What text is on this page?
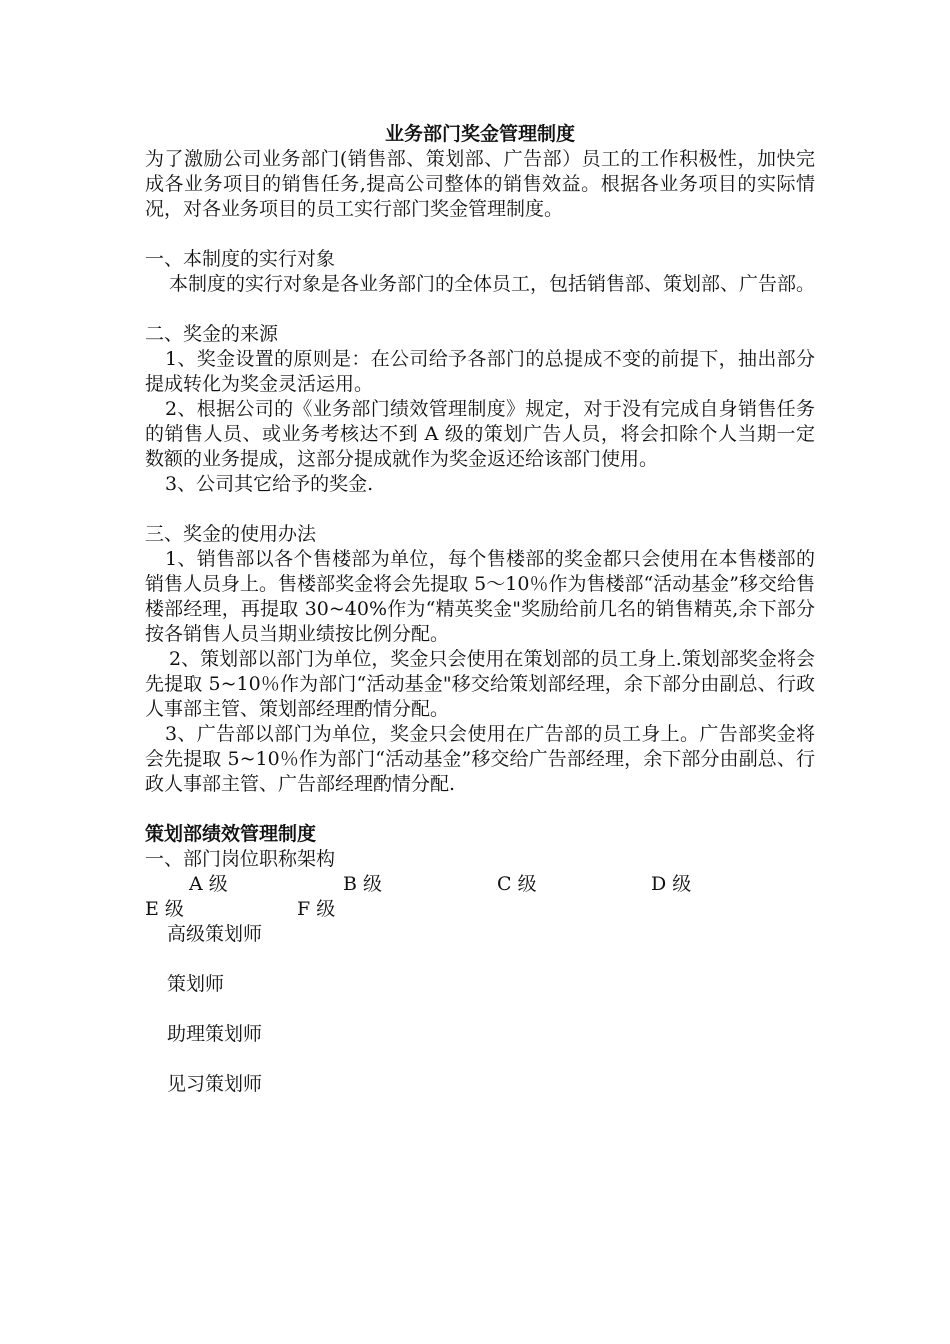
业务部门奖金管理制度

为了激励公司业务部门(销售部、策划部、广告部）员工的工作积极性，加快完成各业务项目的销售任务,提高公司整体的销售效益。根据各业务项目的实际情况，对各业务项目的员工实行部门奖金管理制度。

一、本制度的实行对象

本制度的实行对象是各业务部门的全体员工，包括销售部、策划部、广告部。

二、奖金的来源

1、奖金设置的原则是：在公司给予各部门的总提成不变的前提下，抽出部分提成转化为奖金灵活运用。

2、根据公司的《业务部门绩效管理制度》规定，对于没有完成自身销售任务的销售人员、或业务考核达不到 A 级的策划广告人员，将会扣除个人当期一定数额的业务提成，这部分提成就作为奖金返还给该部门使用。

3、公司其它给予的奖金.

三、奖金的使用办法

1、销售部以各个售楼部为单位，每个售楼部的奖金都只会使用在本售楼部的销售人员身上。售楼部奖金将会先提取 5～10％作为售楼部“活动基金”移交给售楼部经理，再提取 30~40%作为“精英奖金"奖励给前几名的销售精英,余下部分按各销售人员当期业绩按比例分配。

2、策划部以部门为单位，奖金只会使用在策划部的员工身上.策划部奖金将会先提取 5~10％作为部门“活动基金"移交给策划部经理，余下部分由副总、行政人事部主管、策划部经理酌情分配。

3、广告部以部门为单位，奖金只会使用在广告部的员工身上。广告部奖金将会先提取 5~10％作为部门“活动基金”移交给广告部经理，余下部分由副总、行政人事部主管、广告部经理酌情分配.

策划部绩效管理制度

一、部门岗位职称架构

A 级	B 级	C 级	D 级
E 级	F 级

高级策划师

策划师

助理策划师

见习策划师
